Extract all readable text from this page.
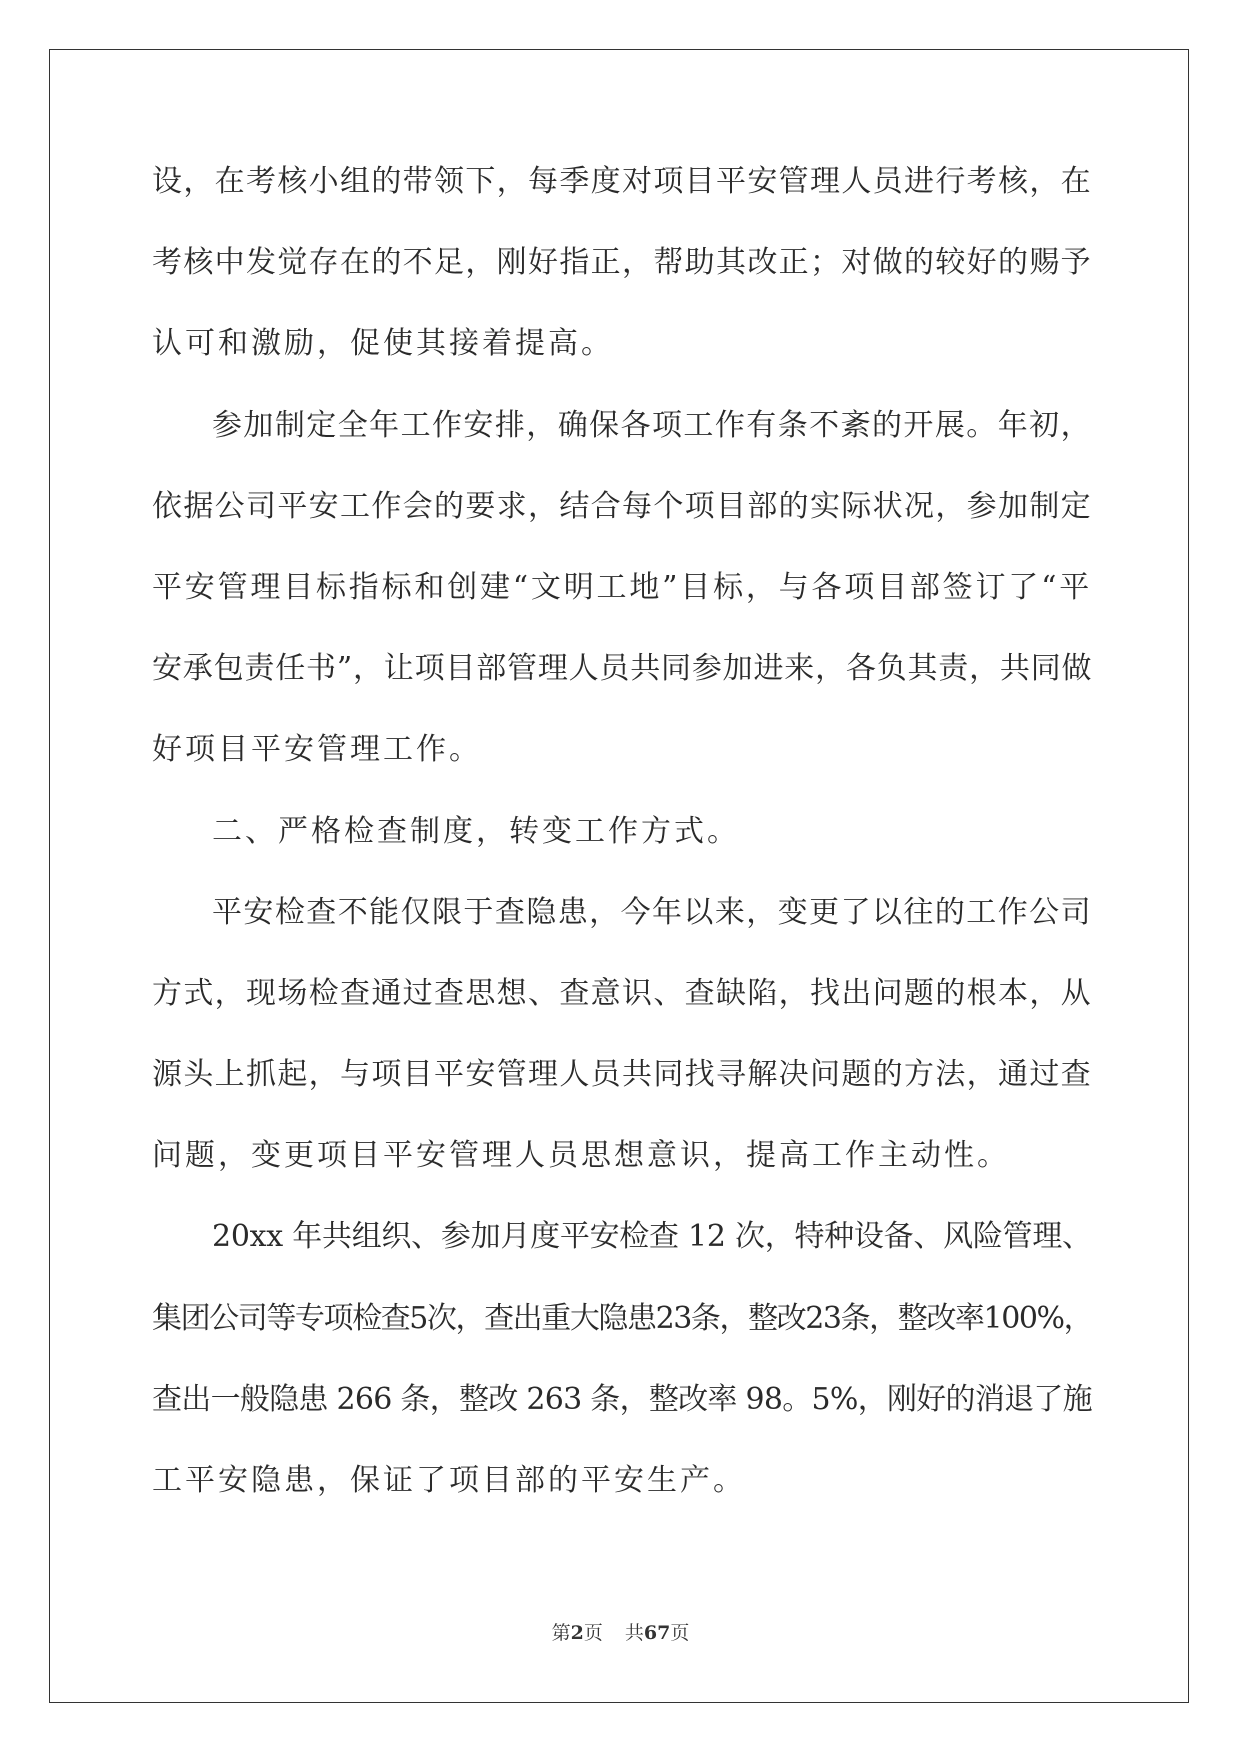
设，在考核小组的带领下，每季度对项目平安管理人员进行考核，在
考核中发觉存在的不足，刚好指正，帮助其改正；对做的较好的赐予
认可和激励，促使其接着提高。
参加制定全年工作安排，确保各项工作有条不紊的开展。年初，
依据公司平安工作会的要求，结合每个项目部的实际状况，参加制定
平安管理目标指标和创建“文明工地”目标，与各项目部签订了“平
安承包责任书”，让项目部管理人员共同参加进来，各负其责，共同做
好项目平安管理工作。
二、严格检查制度，转变工作方式。
平安检查不能仅限于查隐患，今年以来，变更了以往的工作公司
方式，现场检查通过查思想、查意识、查缺陷，找出问题的根本，从
源头上抓起，与项目平安管理人员共同找寻解决问题的方法，通过查
问题，变更项目平安管理人员思想意识，提高工作主动性。
20xx 年共组织、参加月度平安检查 12 次，特种设备、风险管理、
集团公司等专项检查5次，查出重大隐患23条，整改23条，整改率100%，
查出一般隐患 266 条，整改 263 条，整改率 98。5%，刚好的消退了施
工平安隐患，保证了项目部的平安生产。
第2页 共67页
